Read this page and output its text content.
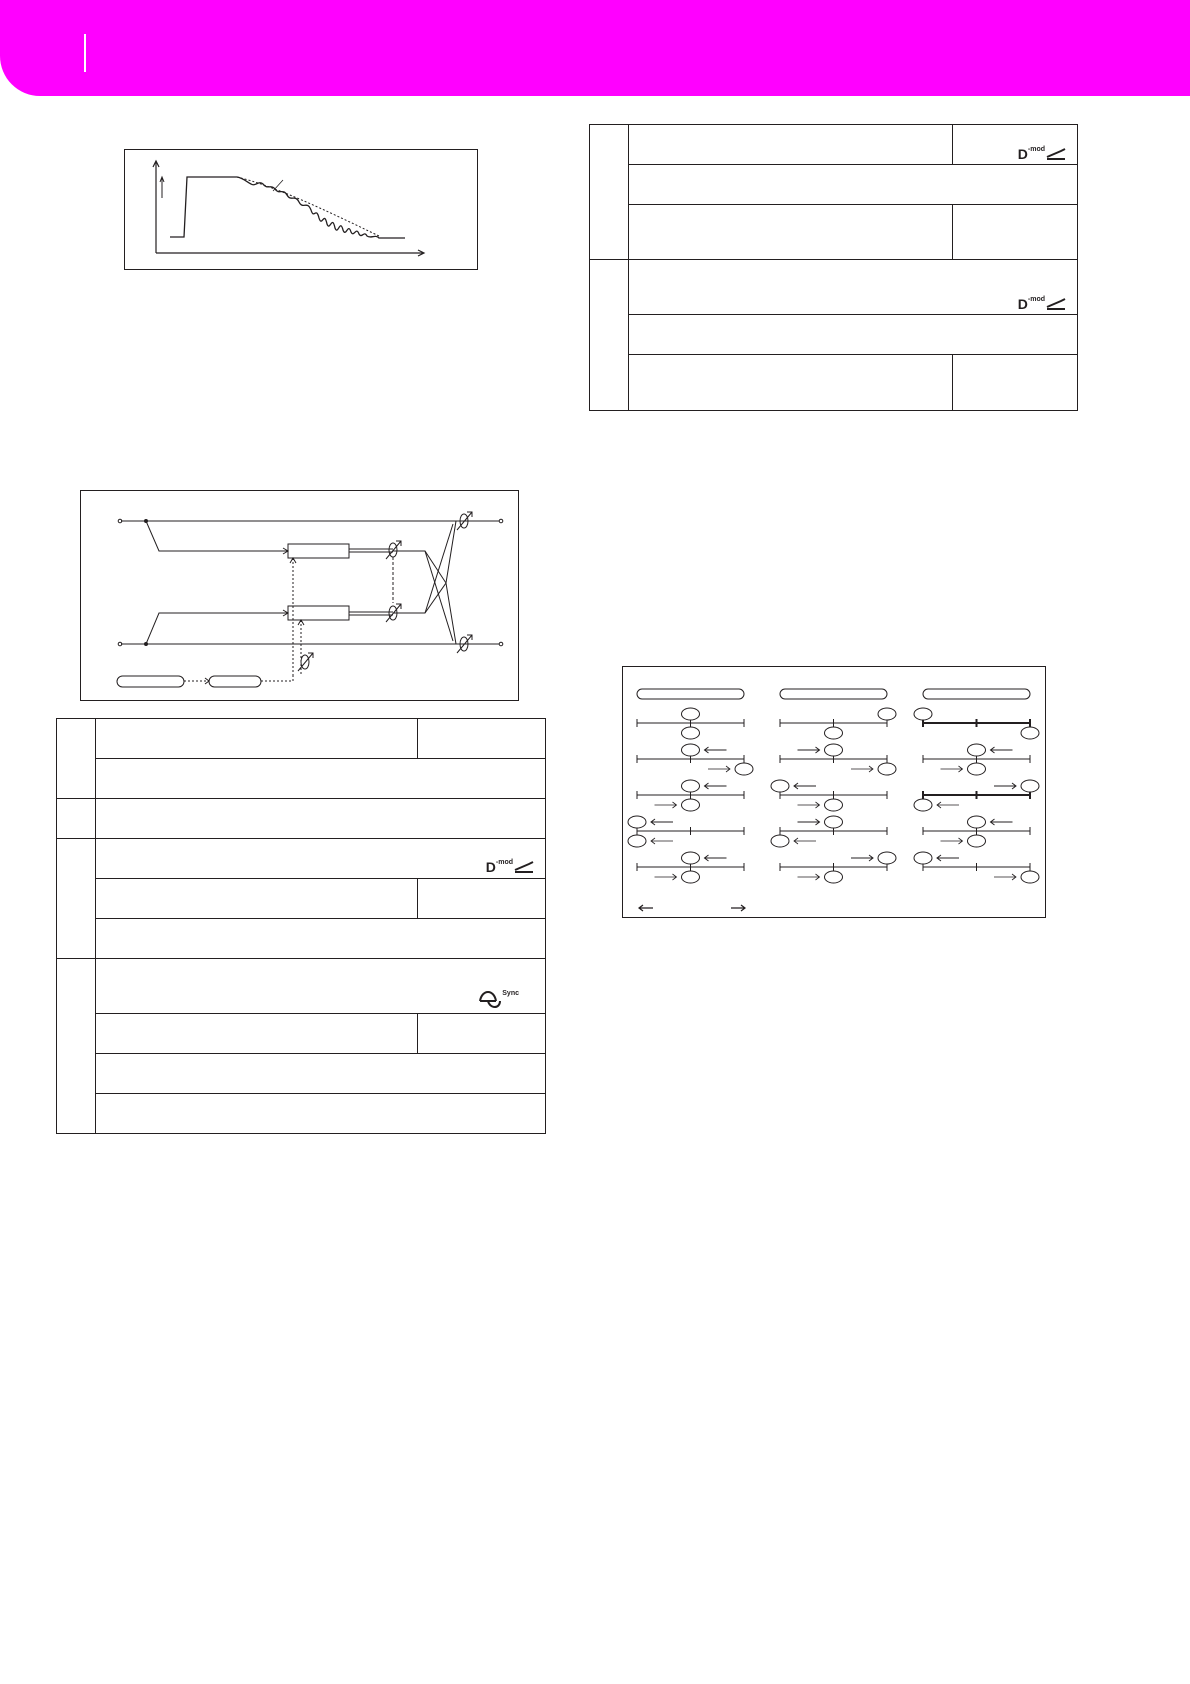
D -mod
Sync
D -mod
D -mod
